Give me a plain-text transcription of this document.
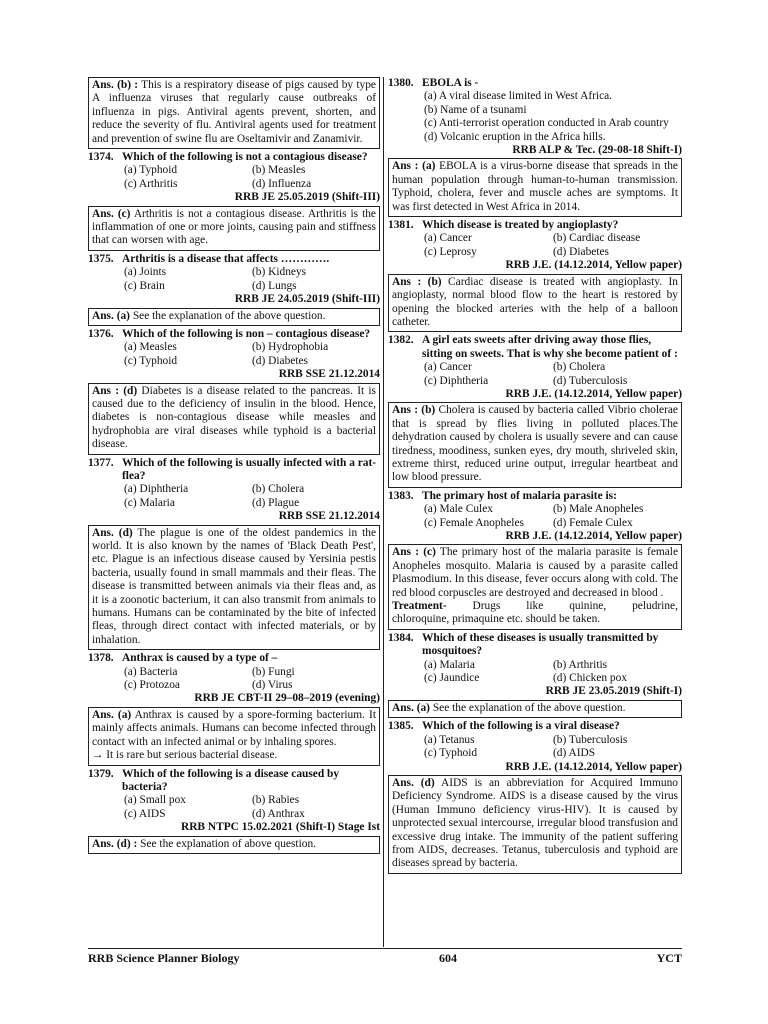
Ans. (b) : This is a respiratory disease of pigs caused by type A influenza viruses that regularly cause outbreaks of influenza in pigs. Antiviral agents prevent, shorten, and reduce the severity of flu. Antiviral agents used for treatment and prevention of swine flu are Oseltamivir and Zanamivir.
1374. Which of the following is not a contagious disease?
(a) Typhoid	(b) Measles
(c) Arthritis	(d) Influenza
RRB JE 25.05.2019 (Shift-III)
Ans. (c) Arthritis is not a contagious disease. Arthritis is the inflammation of one or more joints, causing pain and stiffness that can worsen with age.
1375. Arthritis is a disease that affects ………….
(a) Joints	(b) Kidneys
(c) Brain	(d) Lungs
RRB JE 24.05.2019 (Shift-III)
Ans. (a) See the explanation of the above question.
1376. Which of the following is non – contagious disease?
(a) Measles	(b) Hydrophobia
(c) Typhoid	(d) Diabetes
RRB SSE 21.12.2014
Ans : (d) Diabetes is a disease related to the pancreas. It is caused due to the deficiency of insulin in the blood. Hence, diabetes is non-contagious disease while measles and hydrophobia are viral diseases while typhoid is a bacterial disease.
1377. Which of the following is usually infected with a rat-flea?
(a) Diphtheria	(b) Cholera
(c) Malaria	(d) Plague
RRB SSE 21.12.2014
Ans. (d) The plague is one of the oldest pandemics in the world. It is also known by the names of 'Black Death Pest', etc. Plague is an infectious disease caused by Yersinia pestis bacteria, usually found in small mammals and their fleas. The disease is transmitted between animals via their fleas and, as it is a zoonotic bacterium, it can also transmit from animals to humans. Humans can be contaminated by the bite of infected fleas, through direct contact with infected materials, or by inhalation.
1378. Anthrax is caused by a type of –
(a) Bacteria	(b) Fungi
(c) Protozoa	(d) Virus
RRB JE CBT-II 29–08–2019 (evening)
Ans. (a) Anthrax is caused by a spore-forming bacterium. It mainly affects animals. Humans can become infected through contact with an infected animal or by inhaling spores.
→ It is rare but serious bacterial disease.
1379. Which of the following is a disease caused by bacteria?
(a) Small pox	(b) Rabies
(c) AIDS	(d) Anthrax
RRB NTPC 15.02.2021 (Shift-I) Stage Ist
Ans. (d) : See the explanation of above question.
1380. EBOLA is -
(a) A viral disease limited in West Africa.
(b) Name of a tsunami
(c) Anti-terrorist operation conducted in Arab country
(d) Volcanic eruption in the Africa hills.
RRB ALP & Tec. (29-08-18 Shift-I)
Ans : (a) EBOLA is a virus-borne disease that spreads in the human population through human-to-human transmission. Typhoid, cholera, fever and muscle aches are symptoms. It was first detected in West Africa in 2014.
1381. Which disease is treated by angioplasty?
(a) Cancer	(b) Cardiac disease
(c) Leprosy	(d) Diabetes
RRB J.E. (14.12.2014, Yellow paper)
Ans : (b) Cardiac disease is treated with angioplasty. In angioplasty, normal blood flow to the heart is restored by opening the blocked arteries with the help of a balloon catheter.
1382. A girl eats sweets after driving away those flies, sitting on sweets. That is why she become patient of :
(a) Cancer	(b) Cholera
(c) Diphtheria	(d) Tuberculosis
RRB J.E. (14.12.2014, Yellow paper)
Ans : (b) Cholera is caused by bacteria called Vibrio cholerae that is spread by flies living in polluted places.The dehydration caused by cholera is usually severe and can cause tiredness, moodiness, sunken eyes, dry mouth, shriveled skin, extreme thirst, reduced urine output, irregular heartbeat and low blood pressure.
1383. The primary host of malaria parasite is:
(a) Male Culex	(b) Male Anopheles
(c) Female Anopheles	(d) Female Culex
RRB J.E. (14.12.2014, Yellow paper)
Ans : (c) The primary host of the malaria parasite is female Anopheles mosquito. Malaria is caused by a parasite called Plasmodium. In this disease, fever occurs along with cold. The red blood corpuscles are destroyed and decreased in blood .
Treatment- Drugs like quinine, peludrine,
chloroquine, primaquine etc. should be taken.
1384. Which of these diseases is usually transmitted by mosquitoes?
(a) Malaria	(b) Arthritis
(c) Jaundice	(d) Chicken pox
RRB JE 23.05.2019 (Shift-I)
Ans. (a) See the explanation of the above question.
1385. Which of the following is a viral disease?
(a) Tetanus	(b) Tuberculosis
(c) Typhoid	(d) AIDS
RRB J.E. (14.12.2014, Yellow paper)
Ans. (d) AIDS is an abbreviation for Acquired Immuno Deficiency Syndrome. AIDS is a disease caused by the virus (Human Immuno deficiency virus-HIV). It is caused by unprotected sexual intercourse, irregular blood transfusion and excessive drug intake. The immunity of the patient suffering from AIDS, decreases. Tetanus, tuberculosis and typhoid are diseases spread by bacteria.
RRB Science Planner Biology	604	YCT
